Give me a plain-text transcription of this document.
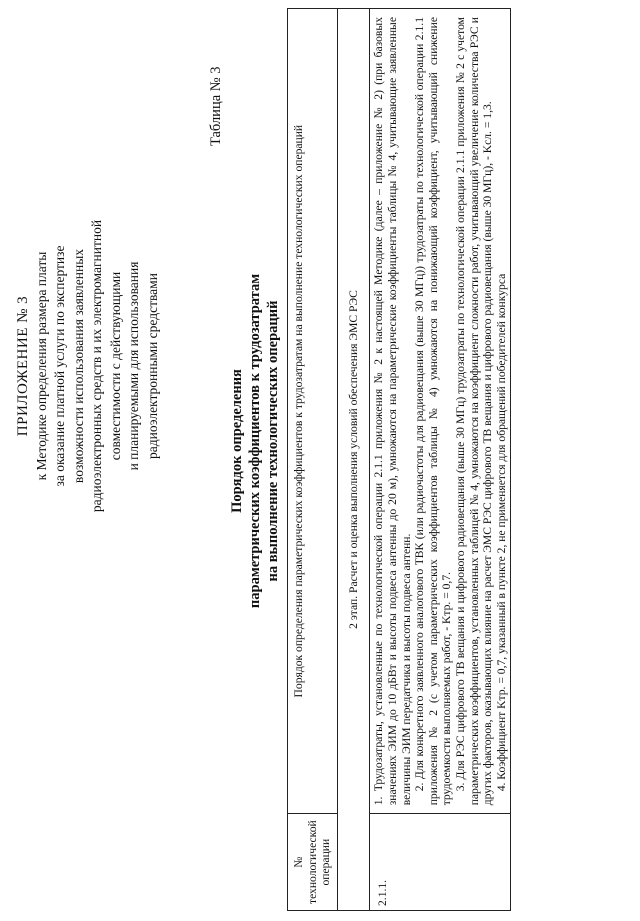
ПРИЛОЖЕНИЕ № 3 к Методике определения размера платы за оказание платной услуги по экспертизе возможности использования заявленных радиоэлектронных средств и их электромагнитной совместимости с действующими и планируемыми для использования радиоэлектронными средствами
Таблица № 3
Порядок определения параметрических коэффициентов к трудозатратам на выполнение технологических операций
№ технологической операции	Порядок определения параметрических коэффициентов к трудозатратам на выполнение технологических операций
2 этап. Расчет и оценка выполнения условий обеспечения ЭМС РЭС	
2.1.1.	1. Трудозатраты, установленные по технологической операции 2.1.1 приложения № 2 к настоящей Методике (далее – приложение № 2) (при базовых значениях ЭИМ до 10 дБВт и высоты подвеса антенны до 20 м), умножаются на параметрические коэффициенты таблицы № 4, учитывающие заявленные величины ЭИМ передатчика и высоты подвеса антенн. 2. Для конкретного заявленного аналогового ТВК (или радиочастоты для радиовещания (выше 30 МГц)) трудозатраты по технологической операции 2.1.1 приложения № 2 (с учетом параметрических коэффициентов таблицы № 4) умножаются на понижающий коэффициент, учитывающий снижение трудоемкости выполняемых работ, - Kтр. = 0,7. 3. Для РЭС цифрового ТВ вещания и цифрового радиовещания (выше 30 МГц) трудозатраты по технологической операции 2.1.1 приложения № 2 с учетом параметрических коэффициентов, установленных таблицей № 4, умножаются на коэффициент сложности работ, учитывающий увеличение количества РЭС и других факторов, оказывающих влияние на расчет ЭМС РЭС цифрового ТВ вещания и цифрового радиовещания (выше 30 МГц), - Kсл. = 1,3. 4. Коэффициент Kтр. = 0,7, указанный в пункте 2, не применяется для обращений победителей конкурса
